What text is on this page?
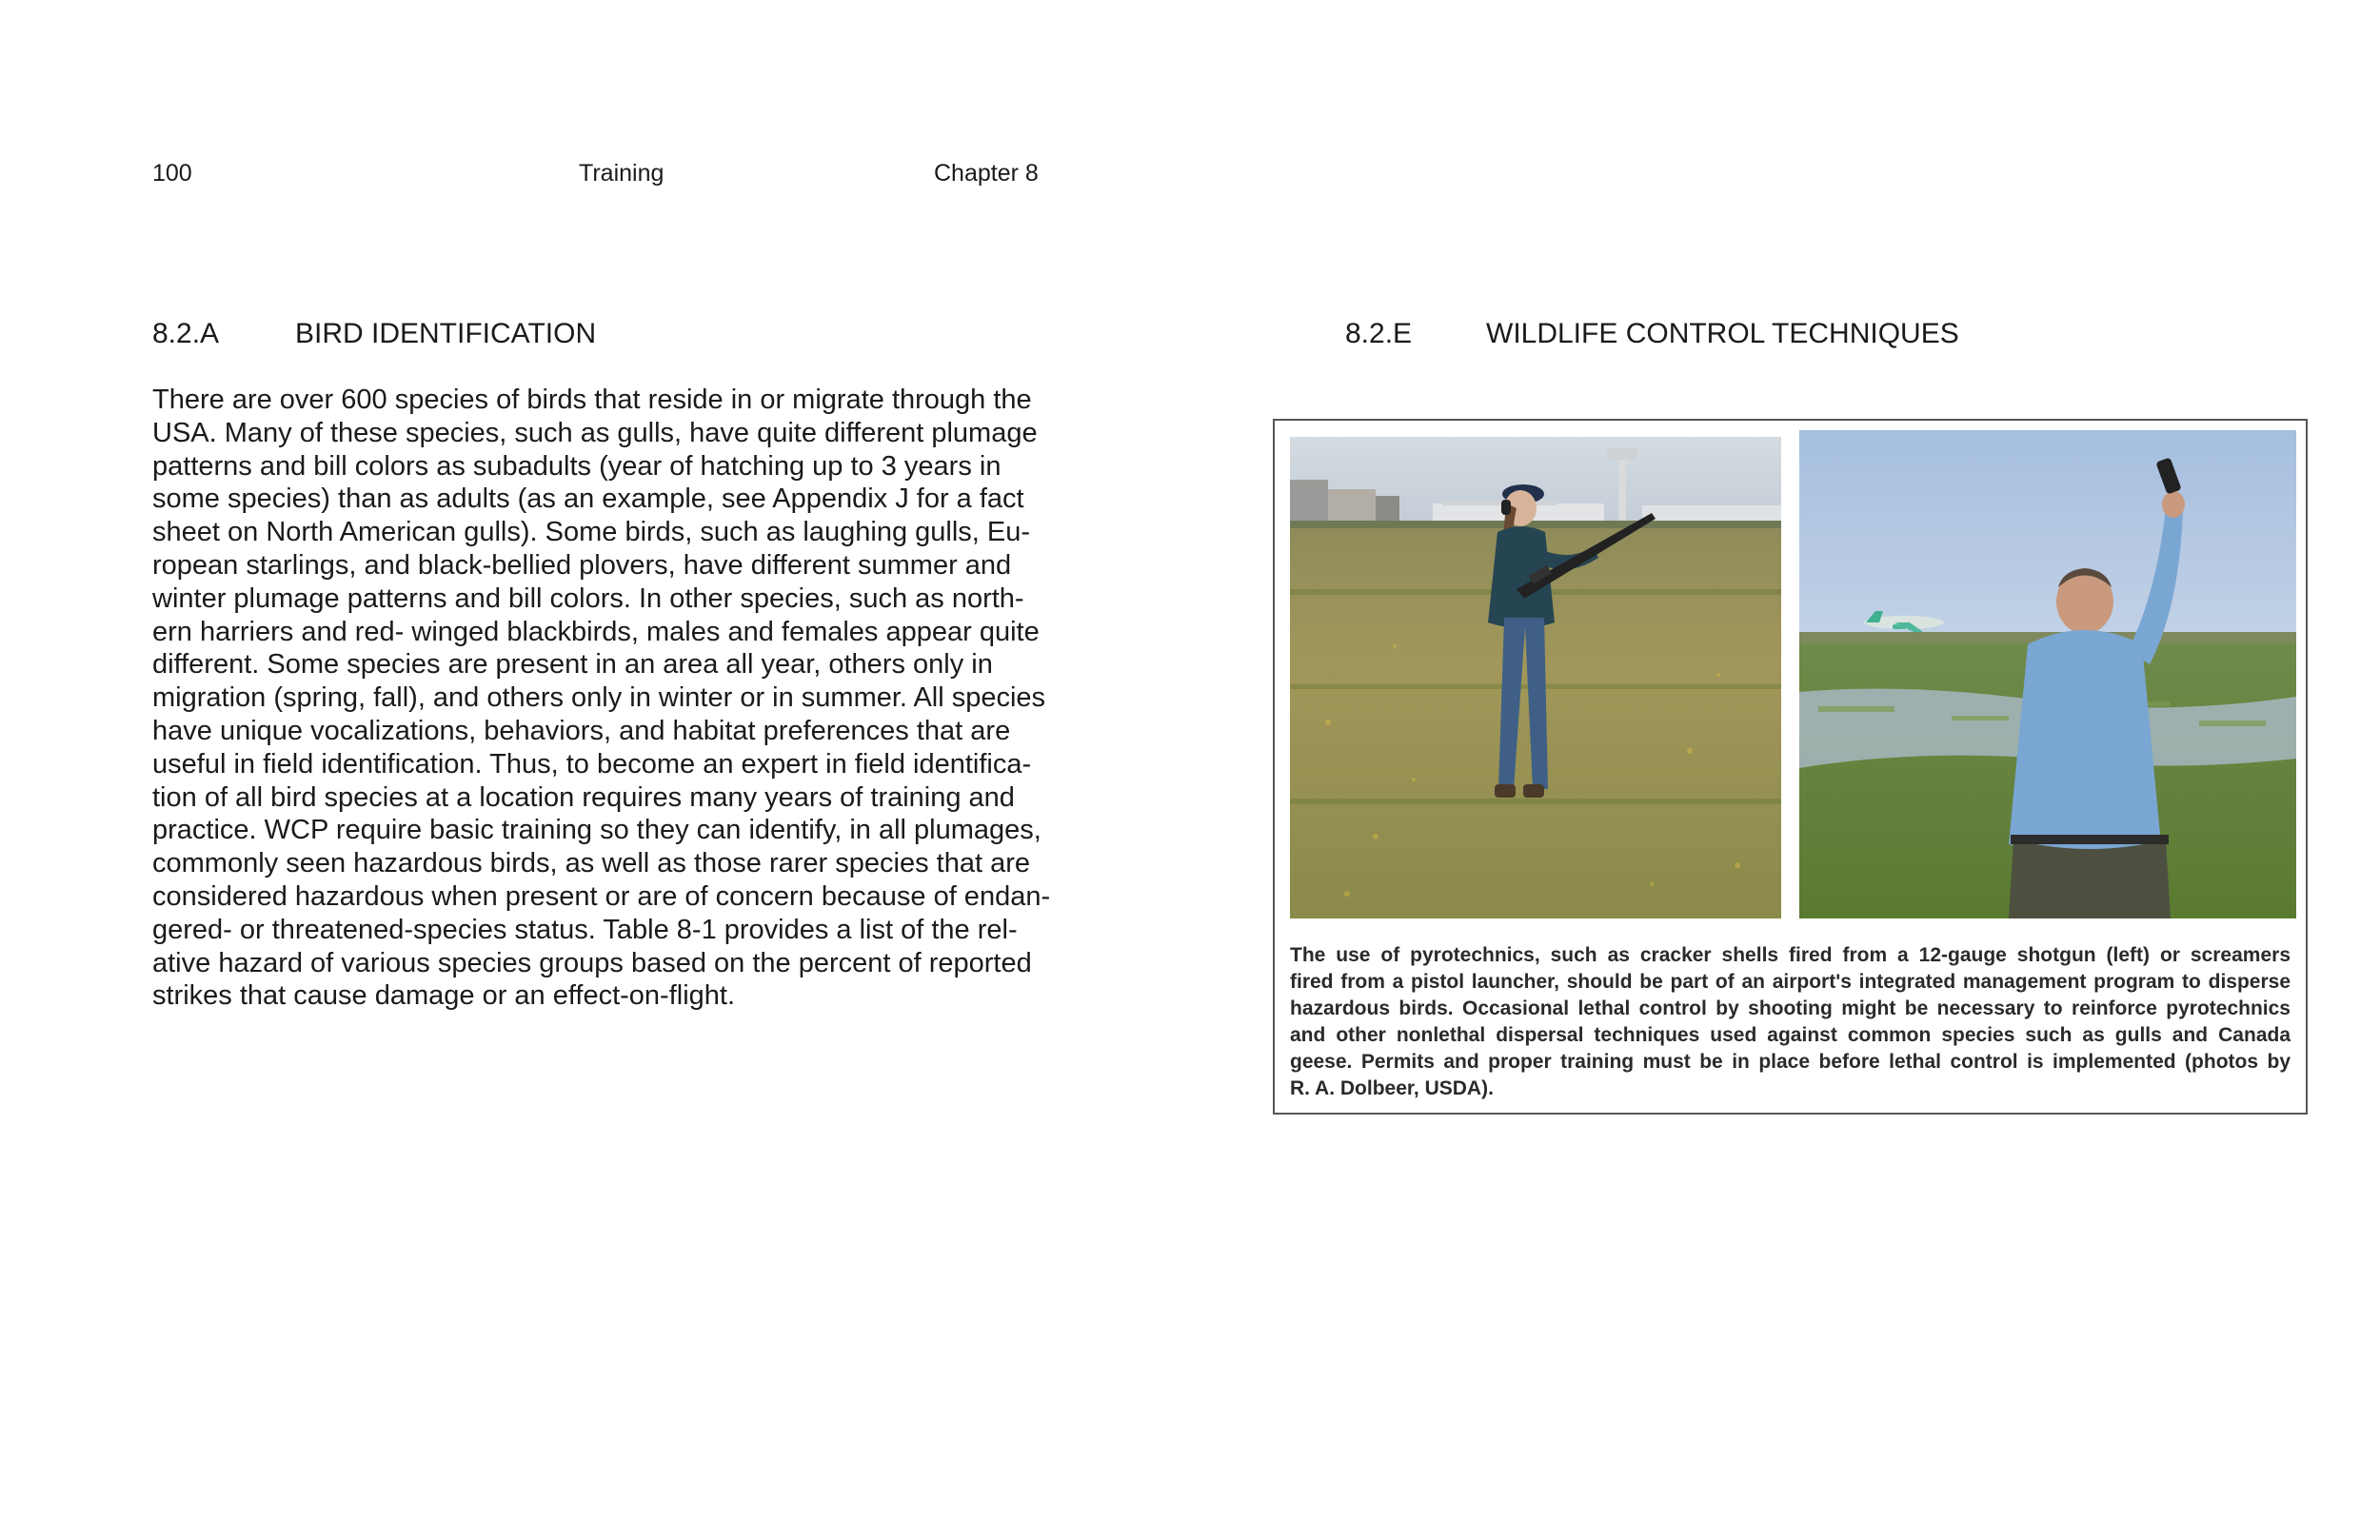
100	Training	Chapter 8
8.2.A	BIRD IDENTIFICATION

There are over 600 species of birds that reside in or migrate through the
USA. Many of these species, such as gulls, have quite different plumage
patterns and bill colors as subadults (year of hatching up to 3 years in
some species) than as adults (as an example, see Appendix J for a fact
sheet on North American gulls). Some birds, such as laughing gulls, Eu-
ropean starlings, and black-bellied plovers, have different summer and
winter plumage patterns and bill colors. In other species, such as north-
ern harriers and red- winged blackbirds, males and females appear quite
different. Some species are present in an area all year, others only in
migration (spring, fall), and others only in winter or in summer. All species
have unique vocalizations, behaviors, and habitat preferences that are
useful in field identification. Thus, to become an expert in field identifica-
tion of all bird species at a location requires many years of training and
practice. WCP require basic training so they can identify, in all plumages,
commonly seen hazardous birds, as well as those rarer species that are
considered hazardous when present or are of concern because of endan-
gered- or threatened-species status. Table 8-1 provides a list of the rel-
ative hazard of various species groups based on the percent of reported
strikes that cause damage or an effect-on-flight.

8.2.E	WILDLIFE CONTROL TECHNIQUES

The use of pyrotechnics, such as cracker shells fired from a 12-gauge shotgun (left) or screamers
fired from a pistol launcher, should be part of an airport's integrated management program to disperse
hazardous birds. Occasional lethal control by shooting might be necessary to reinforce pyrotechnics
and other nonlethal dispersal techniques used against common species such as gulls and Canada
geese. Permits and proper training must be in place before lethal control is implemented (photos by
R. A. Dolbeer, USDA).
